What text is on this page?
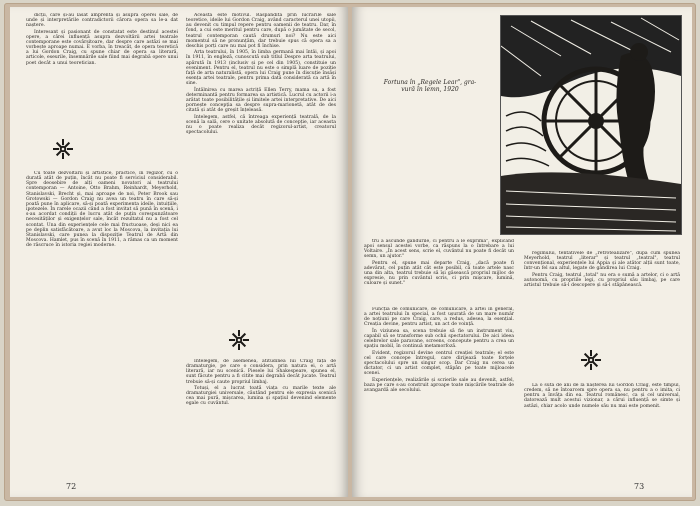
dicții, care și-au lăsat amprenta și asupra operei sale, de unde și interpretările contradictorii cărora opera sa le-a dat naștere.

Interesant și pasionant de constatat este destinul acestei opere, a cărei influență asupra dezvoltării artei teatrale contemporane este covârșitoare, dar despre care astăzi se mai vorbește aproape numai. E vorba, în treacăt, de opera teoretică a lui Gordon Craig, cu spune chiar de opera sa literară, articole, eseurile, însemnările sale fiind mai degrabă opere unui poet decât a unui teoretician.

Cu toate dezvoltării și artistice, practice, în regizor, cu o durată atât de puțin, încât nu poate fi serviciul considerabil. Spre deosebire de alți oameni novatori ai teatrului contemporan — Antoine, Otto Brahm, Reinhardt, Meyerhold, Stanislavski, Brecht și, mai aproape de noi, Peter Brook sau Grotowski — Gordon Craig nu avea un teatru în care să-și poată pune în aplicare, să-și poată experimenta ideile, intuițiile, ipotezele. În rarele ocazii când a fost invitat să pună în scenă, i s-au acordat condiții de lucru atât de puțin corespunzătoare necesităților și exigențelor sale, încât rezultatul nu a fost cel scontat. Una din experiențele cele mai fructuoase, deși nici ea pe deplin satisfăcătoare, a avut loc la Moscova, la invitația lui Stanislavski, care punea la dispoziție Teatrul de Artă din Moscova. Hamlet, pus în scenă în 1911, a rămas ca un moment de răscruce în istoria regiei moderne.

Aceasta este motivul. Răspândită prin lucrările sale teoretice, ideile lui Gordon Craig, având caracterul unei utopii, au devenit cu timpul repere pentru oamenii de teatru. Dar, în fond, a cui este meritul pentru care, după o jumătate de secol, teatrul contemporan caută drumuri noi? Nu este aici momentul să ne pronunțăm, dar trebuie spus că opera sa a deschis porți care nu mai pot fi închise.

Arta teatrului, în 1905, în limba germană mai întâi, și apoi în 1911, în engleză, cunoscută sub titlul Despre arta teatrului, apărută în 1913 (inclusiv și pe cel din 1905), constituie un eveniment. Pentru el, teatrul nu este o simplă luare de poziție față de arta naturalistă, opera lui Craig pune în discuție însăși esența artei teatrale, pentru prima dată considerată ca artă în sine.

Întâlnirea cu marea actriță Ellen Terry, mama sa, a fost determinantă pentru formarea sa artistică. Lucrul cu actorii i-a arătat toate posibilitățile și limitele artei interpretative. De aici pornește concepția sa despre supra-marionetă, atât de des citată și atât de greșit înțeleasă.

Intelegem, astfel, că întreaga experiență teatrală, de la scenă la sală, cere o unitate absolută de concepție, iar aceasta nu o poate realiza decât regizorul-artist, creatorul spectacolului.

Întelegem, de asemenea, atitudinea lui Craig față de dramaturgie, pe care o considera, prin natura ei, o artă literară, iar nu scenică. Piesele lui Shakespeare, spunea el, sunt făcute pentru a fi citite mai degrabă decât jucate. Teatrul trebuie să-și caute propriul limbaj.

Totuși, el a lucrat toată viața cu marile texte ale dramaturgiei universale, căutând pentru ele expresia scenică cea mai pură, mișcarea, lumina și spațiul devenind elemente egale cu cuvântul.

72
Fortuna în „Regele Lear", gra-
vură în lemn, 1920

tru a ascunde gândurile, ci pentru a le exprima", explicând apoi sensul acestei vorbe, ca răspuns la o întrebare a lui Voltaire. „În acest sens, scrie el, cuvântul nu poate fi decât un semn, un ajutor."

Pentru el, spune mai departe Craig, „dacă poate fi adevărat, cel puțin atât cât este posibil, că toate artele nasc una din alta, teatrul trebuie să își găsească propriul mijloc de expresie, nu prin cuvântul scris, ci prin mișcare, lumină, culoare și sunet."

Funcția de comunicare, de comunicare, a artei în general, a artei teatrului în special, a fost ușurată de un mare număr de noțiuni pe care Craig, care, a redus, adesea, la esențial. Creația devine, pentru artist, un act de voință.

În viziunea sa, scena trebuie să fie un instrument viu, capabil să se transforme sub ochii spectatorului. De aici ideea celebrelor sale paravane, screens, concepute pentru a crea un spațiu mobil, în continuă metamorfoză.

Evident, regizorul devine centrul creației teatrale; el este cel care concepe întregul, care dirijează toate forțele spectacolului spre un singur scop. Dar Craig nu cerea un dictator, ci un artist complet, stăpân pe toate mijloacele scenei.

Experiențele, realizările și scrierile sale au devenit, astfel, baza pe care s-au construit aproape toate mișcările teatrale de avangardă ale secolului.

regimului, tentativele de „retrotealizare", după cum spunea Meyerhold, teatrul „literar" și teatrul „teatral", teatrul convențional, experiențele lui Appia și ale atâtor alții sunt toate, într-un fel sau altul, legate de gândirea lui Craig.

Pentru Craig, teatrul „total" nu era o sumă a artelor, ci o artă autonomă, cu propriile legi, cu propriul său limbaj, pe care artistul trebuie să-l descopere și să-l stăpânească.

La o sută de ani de la nașterea lui Gordon Craig, este timpul, credem, să ne întoarcem spre opera sa, nu pentru a o imita, ci pentru a învăța din ea. Teatrul românesc, ca și cel universal, datorează mult acestui vizionar, a cărui influență se simte și astăzi, chiar acolo unde numele său nu mai este pomenit.

73
